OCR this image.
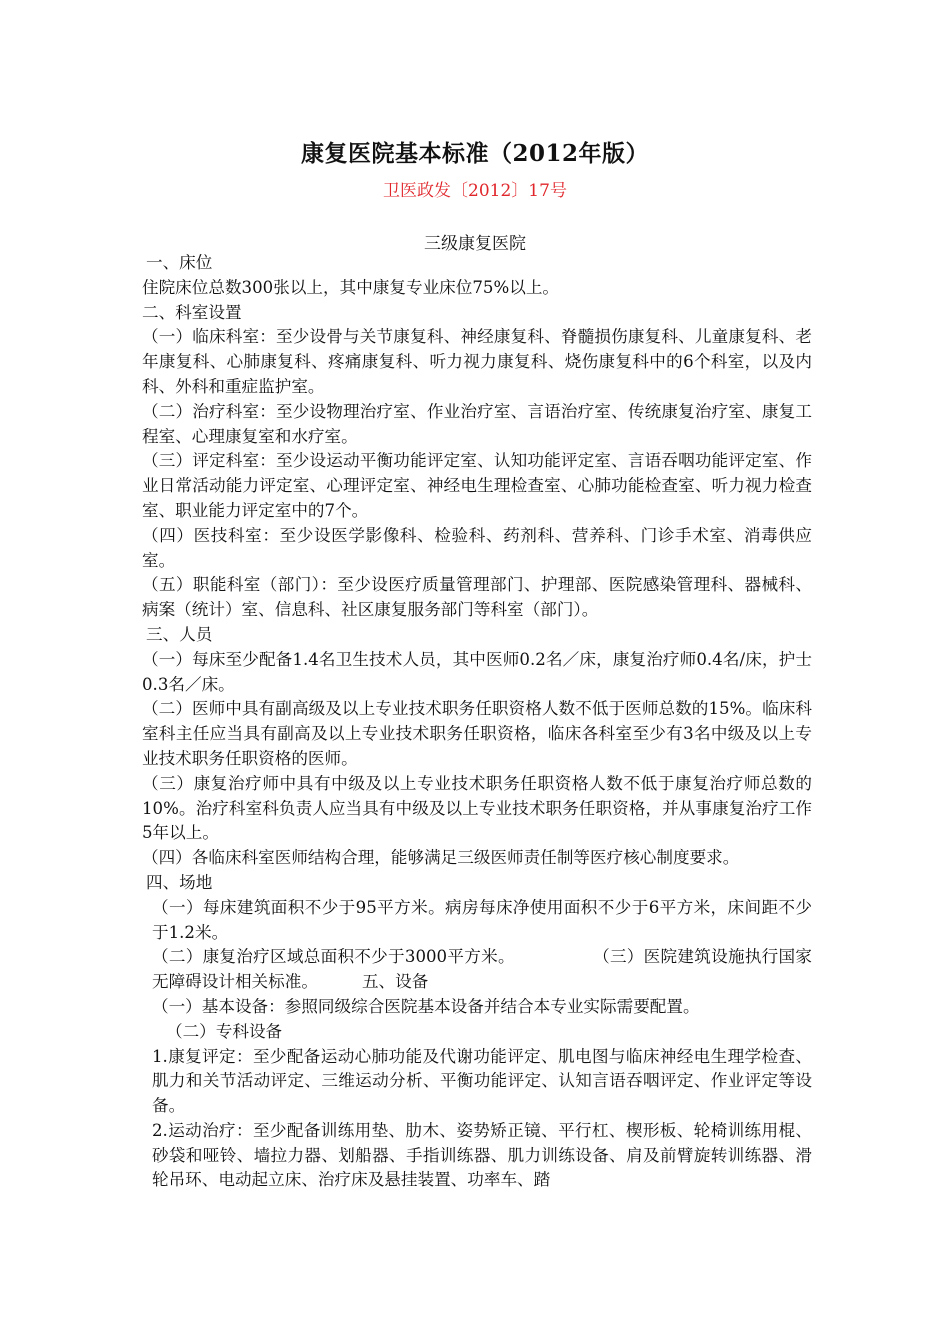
康复医院基本标准（2012年版）
卫医政发〔2012〕17号
三级康复医院

一、床位

住院床位总数300张以上，其中康复专业床位75%以上。

二、科室设置

（一）临床科室：至少设骨与关节康复科、神经康复科、脊髓损伤康复科、儿童康复科、老年康复科、心肺康复科、疼痛康复科、听力视力康复科、烧伤康复科中的6个科室，以及内科、外科和重症监护室。

（二）治疗科室：至少设物理治疗室、作业治疗室、言语治疗室、传统康复治疗室、康复工程室、心理康复室和水疗室。

（三）评定科室：至少设运动平衡功能评定室、认知功能评定室、言语吞咽功能评定室、作业日常活动能力评定室、心理评定室、神经电生理检查室、心肺功能检查室、听力视力检查室、职业能力评定室中的7个。

（四）医技科室：至少设医学影像科、检验科、药剂科、营养科、门诊手术室、消毒供应室。

（五）职能科室（部门）：至少设医疗质量管理部门、护理部、医院感染管理科、器械科、病案（统计）室、信息科、社区康复服务部门等科室（部门）。

三、人员

（一）每床至少配备1.4名卫生技术人员，其中医师0.2名／床，康复治疗师0.4名/床，护士0.3名／床。

（二）医师中具有副高级及以上专业技术职务任职资格人数不低于医师总数的15%。临床科室科主任应当具有副高及以上专业技术职务任职资格，临床各科室至少有3名中级及以上专业技术职务任职资格的医师。

（三）康复治疗师中具有中级及以上专业技术职务任职资格人数不低于康复治疗师总数的10%。治疗科室科负责人应当具有中级及以上专业技术职务任职资格，并从事康复治疗工作5年以上。

（四）各临床科室医师结构合理，能够满足三级医师责任制等医疗核心制度要求。

四、场地

（一）每床建筑面积不少于95平方米。病房每床净使用面积不少于6平方米，床间距不少于1.2米。

（二）康复治疗区域总面积不少于3000平方米。	（三）医院建筑设施执行国家无障碍设计相关标准。	五、设备

（一）基本设备：参照同级综合医院基本设备并结合本专业实际需要配置。

（二）专科设备

1.康复评定：至少配备运动心肺功能及代谢功能评定、肌电图与临床神经电生理学检查、肌力和关节活动评定、三维运动分析、平衡功能评定、认知言语吞咽评定、作业评定等设备。

2.运动治疗：至少配备训练用垫、肋木、姿势矫正镜、平行杠、楔形板、轮椅训练用棍、砂袋和哑铃、墙拉力器、划船器、手指训练器、肌力训练设备、肩及前臂旋转训练器、滑轮吊环、电动起立床、治疗床及悬挂装置、功率车、踏
